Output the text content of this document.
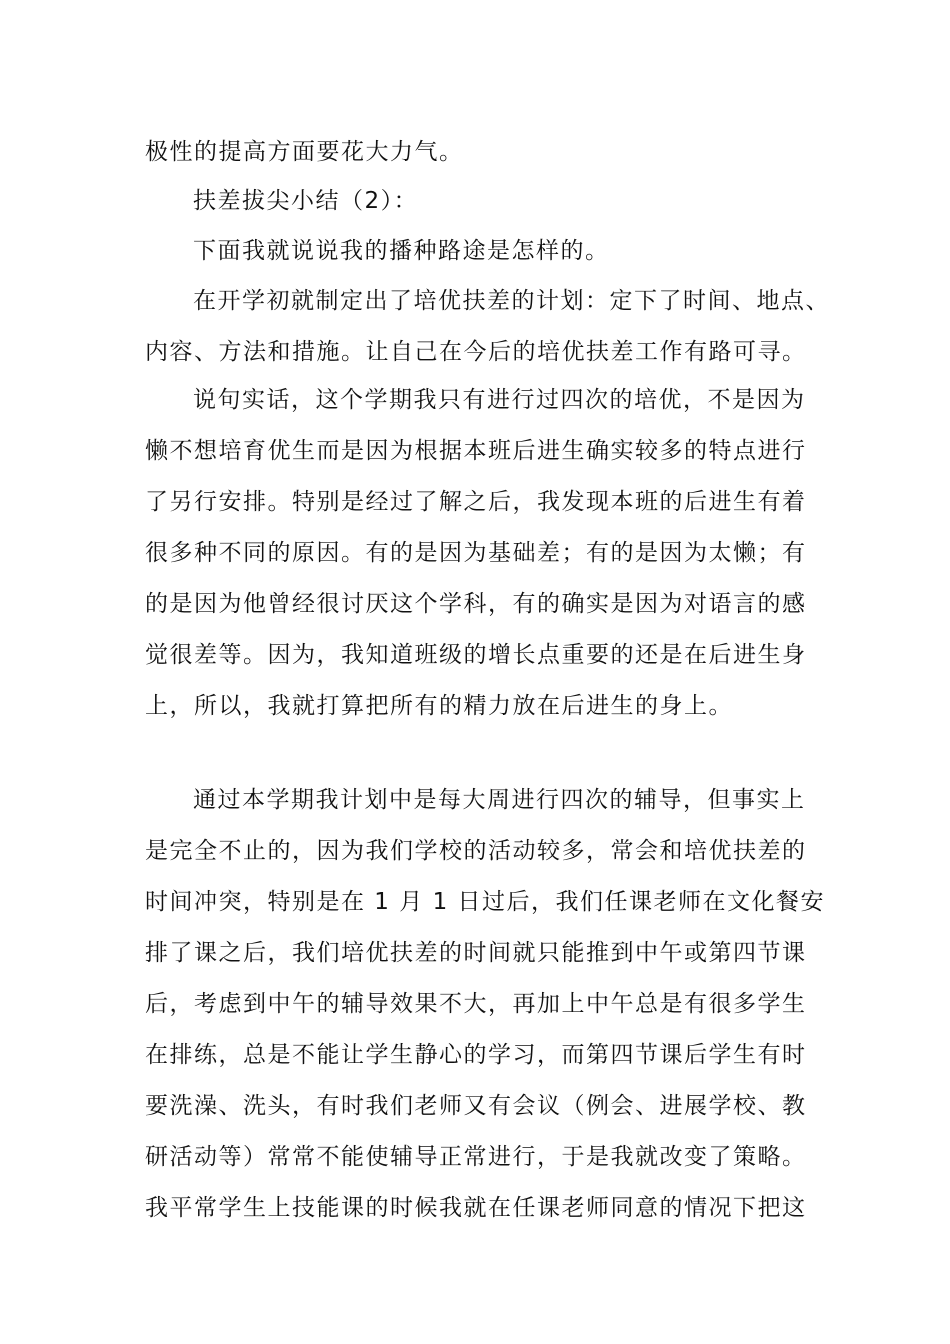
极性的提高方面要花大力气。
扶差拔尖小结（2）：
下面我就说说我的播种路途是怎样的。
在开学初就制定出了培优扶差的计划：定下了时间、地点、
内容、方法和措施。让自己在今后的培优扶差工作有路可寻。
说句实话，这个学期我只有进行过四次的培优，不是因为
懒不想培育优生而是因为根据本班后进生确实较多的特点进行
了另行安排。特别是经过了解之后，我发现本班的后进生有着
很多种不同的原因。有的是因为基础差；有的是因为太懒；有
的是因为他曾经很讨厌这个学科，有的确实是因为对语言的感
觉很差等。因为，我知道班级的增长点重要的还是在后进生身
上，所以，我就打算把所有的精力放在后进生的身上。
通过本学期我计划中是每大周进行四次的辅导，但事实上
是完全不止的，因为我们学校的活动较多，常会和培优扶差的
时间冲突，特别是在 1 月 1 日过后，我们任课老师在文化餐安
排了课之后，我们培优扶差的时间就只能推到中午或第四节课
后，考虑到中午的辅导效果不大，再加上中午总是有很多学生
在排练，总是不能让学生静心的学习，而第四节课后学生有时
要洗澡、洗头，有时我们老师又有会议（例会、进展学校、教
研活动等）常常不能使辅导正常进行，于是我就改变了策略。
我平常学生上技能课的时候我就在任课老师同意的情况下把这
